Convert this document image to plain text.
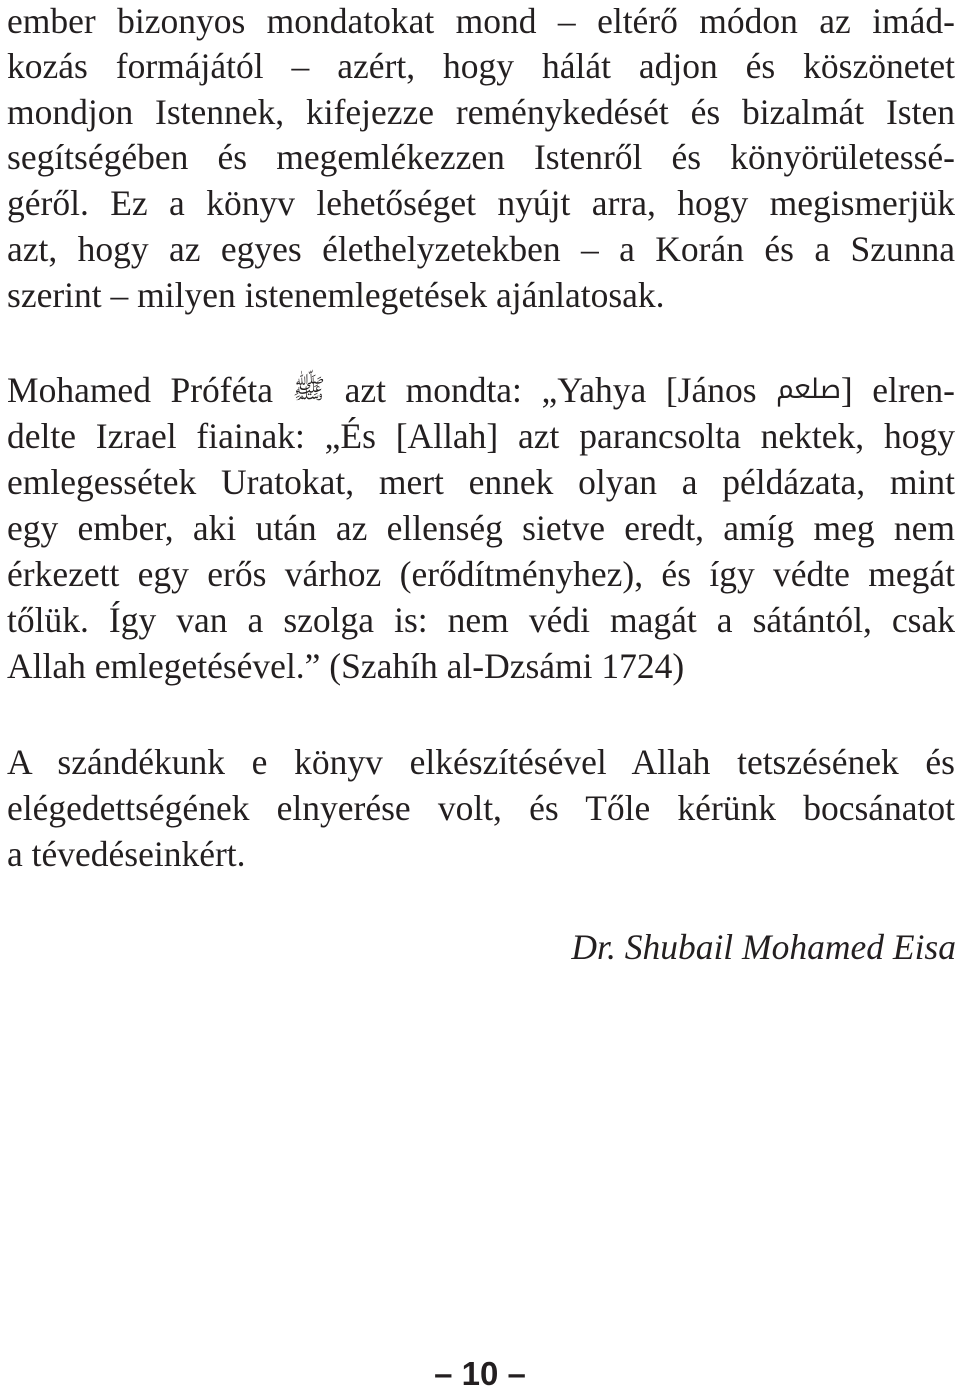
ember bizonyos mondatokat mond – eltérő módon az imád-
kozás formájától – azért, hogy hálát adjon és köszönetet
mondjon Istennek, kifejezze reménykedését és bizalmát Isten
segítségében és megemlékezzen Istenről és könyörületessé-
géről. Ez a könyv lehetőséget nyújt arra, hogy megismerjük
azt, hogy az egyes élethelyzetekben – a Korán és a Szunna
szerint – milyen istenemlegetések ajánlatosak.
Mohamed Próféta ﷺ azt mondta: „Yahya [János ﷵ] elren-
delte Izrael fiainak: „És [Allah] azt parancsolta nektek, hogy
emlegessétek Uratokat, mert ennek olyan a példázata, mint
egy ember, aki után az ellenség sietve eredt, amíg meg nem
érkezett egy erős várhoz (erődítményhez), és így védte megát
tőlük. Így van a szolga is: nem védi magát a sátántól, csak
Allah emlegetésével.” (Szahíh al-Dzsámi 1724)
A szándékunk e könyv elkészítésével Allah tetszésének és
elégedettségének elnyerése volt, és Tőle kérünk bocsánatot
a tévedéseinkért.
Dr. Shubail Mohamed Eisa
– 10 –
